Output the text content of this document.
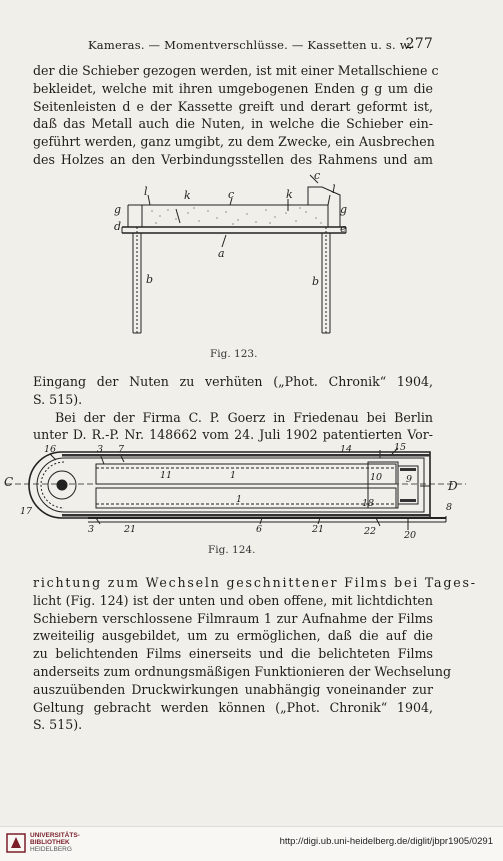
Kameras. — Momentverschlüsse. — Kassetten u. s. w.
277
der die Schieber gezogen werden, ist mit einer Metallschiene c
bekleidet, welche mit ihren umgebogenen Enden g g um die
Seitenleisten d e der Kassette greift und derart geformt ist,
daß das Metall auch die Nuten, in welche die Schieber ein-
geführt werden, ganz umgibt, zu dem Zwecke, ein Ausbrechen
des Holzes an den Verbindungsstellen des Rahmens und am
l	k	c	k	l
c
g	g
d	e
a
b	b
Fig. 123.
Eingang der Nuten zu verhüten („Phot. Chronik“ 1904,
S. 515).
Bei der der Firma C. P. Goerz in Friedenau bei Berlin
unter D. R.-P. Nr. 148662 vom 24. Juli 1902 patentierten Vor-
C	D
16	3 7	14	15
11	1	10	9
1	18	8
17
3	21	6	21	22	20
Fig. 124.
richtung zum Wechseln geschnittener Films bei Tages-
licht (Fig. 124) ist der unten und oben offene, mit lichtdichten
Schiebern verschlossene Filmraum 1 zur Aufnahme der Films
zweiteilig ausgebildet, um zu ermöglichen, daß die auf die
zu belichtenden Films einerseits und die belichteten Films
anderseits zum ordnungsmäßigen Funktionieren der Wechselung
auszuübenden Druckwirkungen unabhängig voneinander zur
Geltung gebracht werden können („Phot. Chronik“ 1904,
S. 515).
UNIVERSITÄTS-
BIBLIOTHEK
HEIDELBERG
http://digi.ub.uni-heidelberg.de/diglit/jbpr1905/0291
